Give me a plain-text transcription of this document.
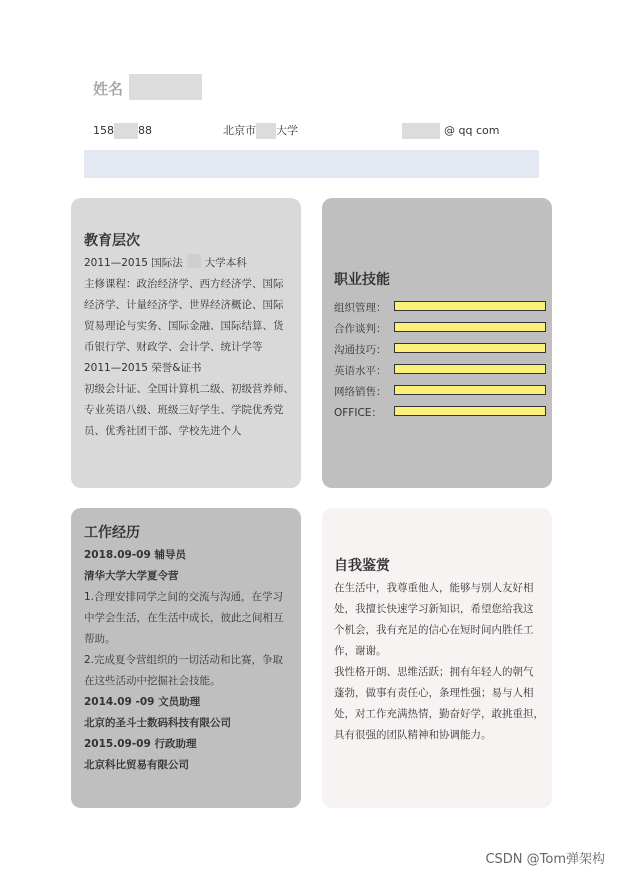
姓名
158 88	北京市 大学	@ qq com
教育层次
2011—2015 国际法 大学本科
主修课程：政治经济学、西方经济学、国际
经济学、计量经济学、世界经济概论、国际
贸易理论与实务、国际金融、国际结算、货
币银行学、财政学、会计学、统计学等
2011—2015 荣誉&证书
初级会计证、全国计算机二级、初级营养师、
专业英语八级、班级三好学生、学院优秀党
员、优秀社团干部、学校先进个人
职业技能
组织管理：
合作谈判：
沟通技巧：
英语水平：
网络销售：
OFFICE：
工作经历
2018.09-09 辅导员
清华大学大学夏令营
1.合理安排同学之间的交流与沟通，在学习
中学会生活，在生活中成长，彼此之间相互
帮助。
2.完成夏令营组织的一切活动和比赛，争取
在这些活动中挖掘社会技能。
2014.09 -09 文员助理
北京的圣斗士数码科技有限公司
2015.09-09 行政助理
北京科比贸易有限公司
自我鉴赏
在生活中，我尊重他人，能够与别人友好相
处，我擅长快速学习新知识，希望您给我这
个机会，我有充足的信心在短时间内胜任工
作，谢谢。
我性格开朗、思维活跃；拥有年轻人的朝气
蓬勃，做事有责任心，条理性强；易与人相
处，对工作充满热情，勤奋好学，敢挑重担，
具有很强的团队精神和协调能力。
CSDN @Tom弹架构
